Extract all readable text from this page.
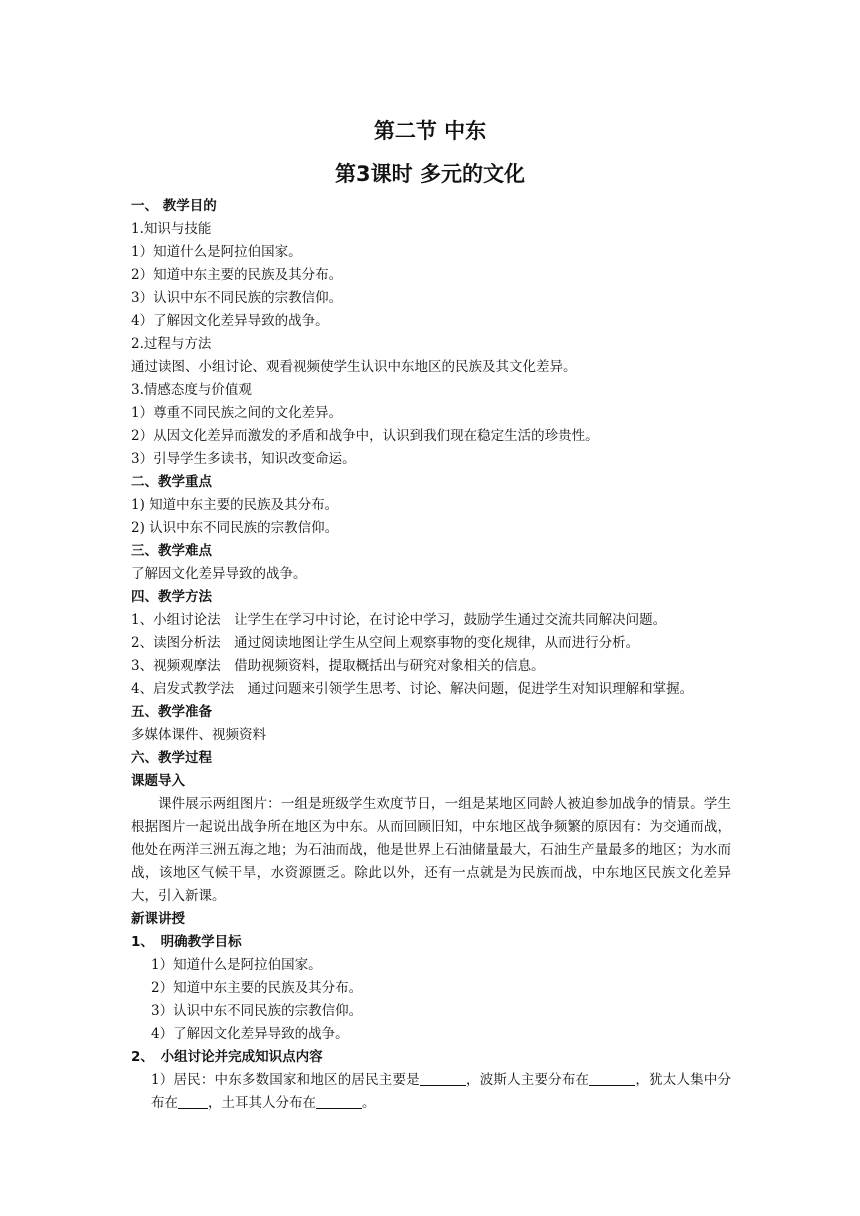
第二节 中东
第3课时 多元的文化
一、 教学目的
1.知识与技能
1）知道什么是阿拉伯国家。
2）知道中东主要的民族及其分布。
3）认识中东不同民族的宗教信仰。
4）了解因文化差异导致的战争。
2.过程与方法
通过读图、小组讨论、观看视频使学生认识中东地区的民族及其文化差异。
3.情感态度与价值观
1）尊重不同民族之间的文化差异。
2）从因文化差异而激发的矛盾和战争中，认识到我们现在稳定生活的珍贵性。
3）引导学生多读书，知识改变命运。
二、教学重点
1) 知道中东主要的民族及其分布。
2) 认识中东不同民族的宗教信仰。
三、教学难点
了解因文化差异导致的战争。
四、教学方法
1、小组讨论法　让学生在学习中讨论，在讨论中学习，鼓励学生通过交流共同解决问题。
2、读图分析法　通过阅读地图让学生从空间上观察事物的变化规律，从而进行分析。
3、视频观摩法　借助视频资料，提取概括出与研究对象相关的信息。
4、启发式教学法　通过问题来引领学生思考、讨论、解决问题，促进学生对知识理解和掌握。
五、教学准备
多媒体课件、视频资料
六、教学过程
课题导入
课件展示两组图片：一组是班级学生欢度节日，一组是某地区同龄人被迫参加战争的情景。学生根据图片一起说出战争所在地区为中东。从而回顾旧知，中东地区战争频繁的原因有：为交通而战，他处在两洋三洲五海之地；为石油而战，他是世界上石油储量最大，石油生产量最多的地区；为水而战，该地区气候干旱，水资源匮乏。除此以外，还有一点就是为民族而战，中东地区民族文化差异大，引入新课。
新课讲授
1、　明确教学目标
1）知道什么是阿拉伯国家。
2）知道中东主要的民族及其分布。
3）认识中东不同民族的宗教信仰。
4）了解因文化差异导致的战争。
2、　小组讨论并完成知识点内容
1）居民：中东多数国家和地区的居民主要是	，波斯人主要分布在	，犹太人集中分布在 ，土耳其人分布在	。
